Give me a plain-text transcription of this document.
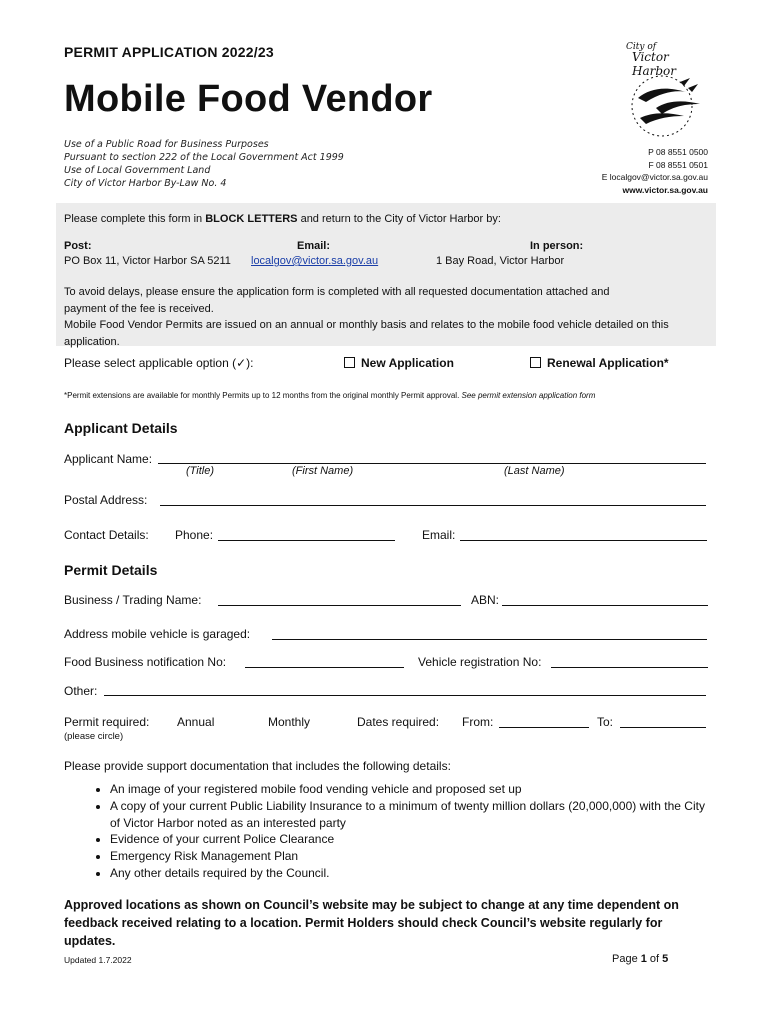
PERMIT APPLICATION 2022/23
Mobile Food Vendor
Use of a Public Road for Business Purposes
Pursuant to section 222 of the Local Government Act 1999
Use of Local Government Land
City of Victor Harbor By-Law No. 4
P 08 8551 0500
F 08 8551 0501
E localgov@victor.sa.gov.au
www.victor.sa.gov.au
City of
Victor Harbor
Please complete this form in BLOCK LETTERS and return to the City of Victor Harbor by:
Post:
PO Box 11, Victor Harbor SA 5211
Email:
localgov@victor.sa.gov.au
In person:
1 Bay Road, Victor Harbor
To avoid delays, please ensure the application form is completed with all requested documentation attached and
payment of the fee is received.
Mobile Food Vendor Permits are issued on an annual or monthly basis and relates to the mobile food vehicle detailed on this
application.
Please select applicable option (✓):	New Application	Renewal Application*
*Permit extensions are available for monthly Permits up to 12 months from the original monthly Permit approval. See permit extension application form
Applicant Details
Applicant Name:
(Title)	(First Name)	(Last Name)
Postal Address:
Contact Details: Phone:	Email:
Permit Details
Business / Trading Name:	ABN:
Address mobile vehicle is garaged:
Food Business notification No:	Vehicle registration No:
Other:
Permit required: Annual	Monthly	Dates required: From:	To:
(please circle)
Please provide support documentation that includes the following details:
• An image of your registered mobile food vending vehicle and proposed set up
• A copy of your current Public Liability Insurance to a minimum of twenty million dollars (20,000,000) with the City of Victor Harbor noted as an interested party
• Evidence of your current Police Clearance
• Emergency Risk Management Plan
• Any other details required by the Council.
Approved locations as shown on Council’s website may be subject to change at any time dependent on feedback received relating to a location. Permit Holders should check Council’s website regularly for updates.
Updated 1.7.2022	Page 1 of 5
